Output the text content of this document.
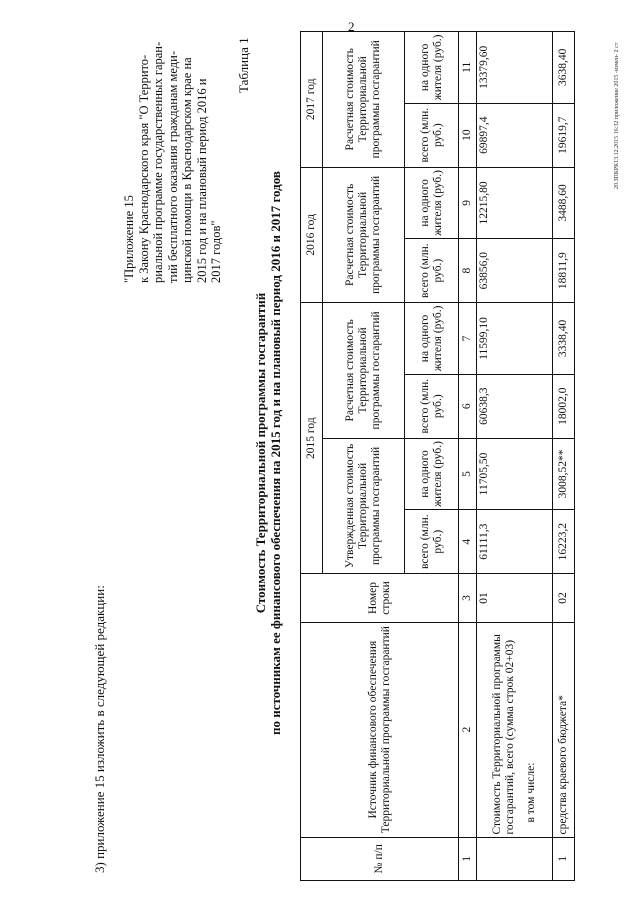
2
3) приложение 15 изложить в следующей редакции:
"Приложение 15 к Закону Краснодарского края "О Террито- риальной программе государственных гаран- тий бесплатного оказания гражданам меди- цинской помощи в Краснодарском крае на 2015 год и на плановый период 2016 и 2017 годов"
Таблица 1
Стоимость Территориальной программы госгарантий по источникам ее финансового обеспечения на 2015 год и на плановый период 2016 и 2017 годов
№ п/п	Источник финансового обеспечения Территориальной программы госгарантий	Номер строки	2015 год				2016 год		2017 год	
			Утвержденная стоимость Территориальной программы госгарантий		Расчетная стоимость Территориальной программы госгарантий		Расчетная стоимость Территориальной программы госгарантий		Расчетная стоимость Территориальной программы госгарантий	
			всего (млн. руб.)	на одного жителя (руб.)	всего (млн. руб.)	на одного жителя (руб.)	всего (млн. руб.)	на одного жителя (руб.)	всего (млн. руб.)	на одного жителя (руб.)
1	2	3	4	5	6	7	8	9	10	11

	Стоимость Территориальной программы госгарантий, всего (сумма строк 02+03) в том числе:	01	61111,3	11705,50	60638,3	11599,10	63856,0	12215,80	69897,4	13379,60
1	средства краевого бюджета*	02	16223,2	3008,52**	18002,0	3338,40	18811,9	3488,60	19619,7	3638,40	20.ЗПКРК13.12.2015 16:32 приложение 2015 -измен- 2 ст
